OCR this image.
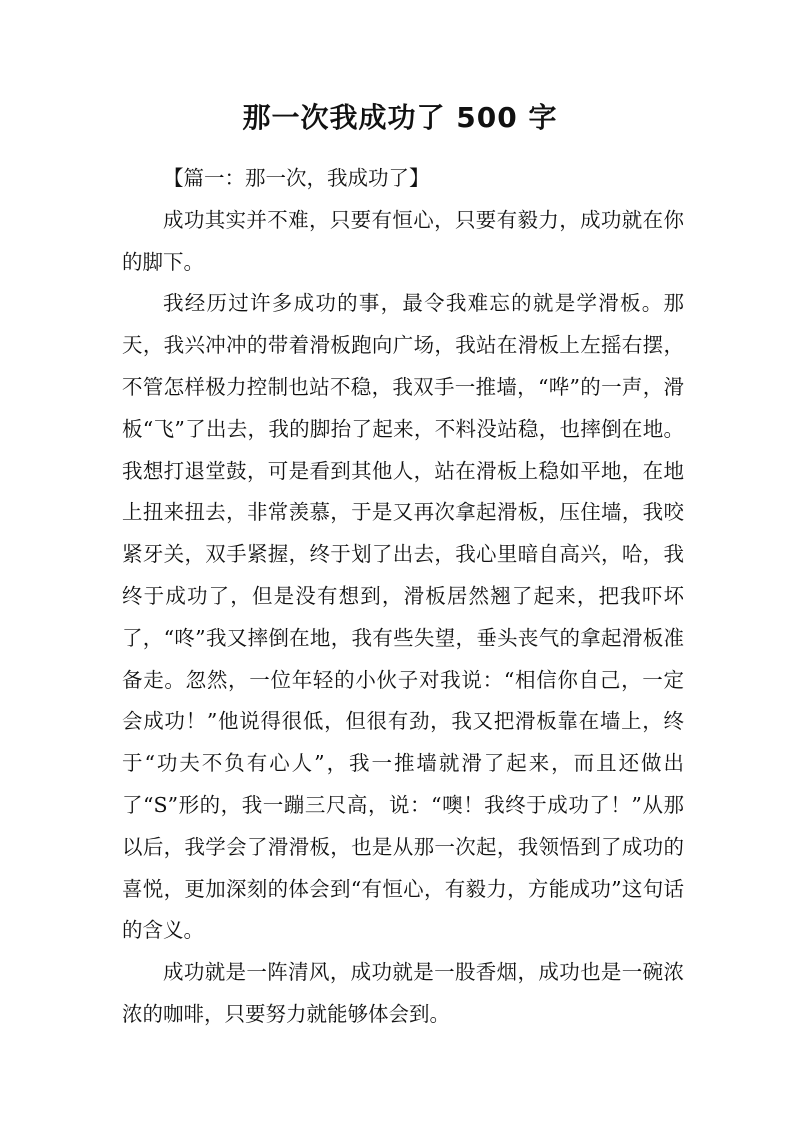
那一次我成功了 500 字

【篇一：那一次，我成功了】

成功其实并不难，只要有恒心，只要有毅力，成功就在你的脚下。

我经历过许多成功的事，最令我难忘的就是学滑板。那天，我兴冲冲的带着滑板跑向广场，我站在滑板上左摇右摆，不管怎样极力控制也站不稳，我双手一推墙，“哗”的一声，滑板“飞”了出去，我的脚抬了起来，不料没站稳，也摔倒在地。我想打退堂鼓，可是看到其他人，站在滑板上稳如平地，在地上扭来扭去，非常羡慕，于是又再次拿起滑板，压住墙，我咬紧牙关，双手紧握，终于划了出去，我心里暗自高兴，哈，我终于成功了，但是没有想到，滑板居然翘了起来，把我吓坏了，“咚”我又摔倒在地，我有些失望，垂头丧气的拿起滑板准备走。忽然，一位年轻的小伙子对我说：“相信你自己，一定会成功！”他说得很低，但很有劲，我又把滑板靠在墙上，终于“功夫不负有心人”，我一推墙就滑了起来，而且还做出了“S”形的，我一蹦三尺高，说：“噢！我终于成功了！”从那以后，我学会了滑滑板，也是从那一次起，我领悟到了成功的喜悦，更加深刻的体会到“有恒心，有毅力，方能成功”这句话的含义。

成功就是一阵清风，成功就是一股香烟，成功也是一碗浓浓的咖啡，只要努力就能够体会到。
